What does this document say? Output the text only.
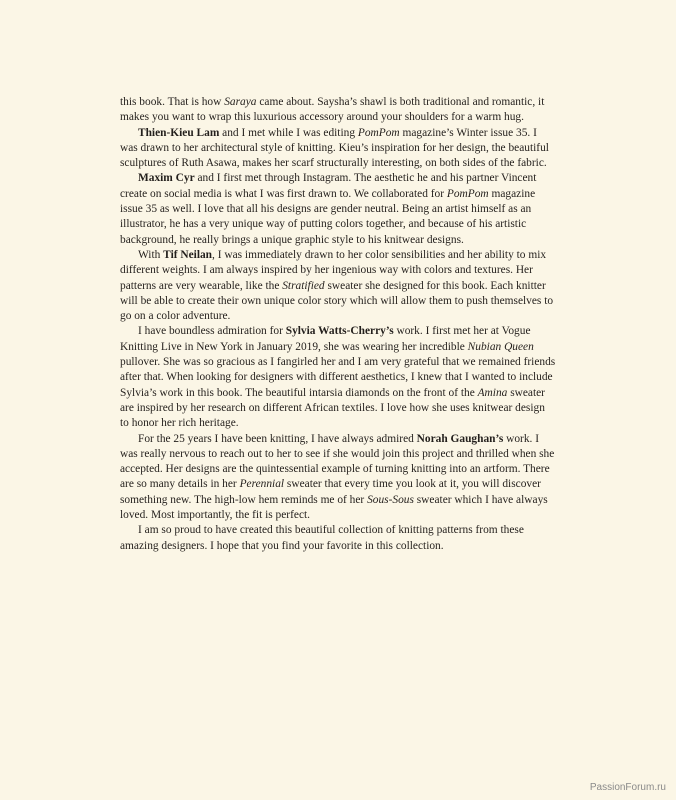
this book. That is how Saraya came about. Saysha’s shawl is both traditional and romantic, it makes you want to wrap this luxurious accessory around your shoulders for a warm hug.

Thien-Kieu Lam and I met while I was editing PomPom magazine’s Winter issue 35. I was drawn to her architectural style of knitting. Kieu’s inspiration for her design, the beautiful sculptures of Ruth Asawa, makes her scarf structurally interesting, on both sides of the fabric.

Maxim Cyr and I first met through Instagram. The aesthetic he and his partner Vincent create on social media is what I was first drawn to. We collaborated for PomPom magazine issue 35 as well. I love that all his designs are gender neutral. Being an artist himself as an illustrator, he has a very unique way of putting colors together, and because of his artistic background, he really brings a unique graphic style to his knitwear designs.

With Tif Neilan, I was immediately drawn to her color sensibilities and her ability to mix different weights. I am always inspired by her ingenious way with colors and textures. Her patterns are very wearable, like the Stratified sweater she designed for this book. Each knitter will be able to create their own unique color story which will allow them to push themselves to go on a color adventure.

I have boundless admiration for Sylvia Watts-Cherry’s work. I first met her at Vogue Knitting Live in New York in January 2019, she was wearing her incredible Nubian Queen pullover. She was so gracious as I fangirled her and I am very grateful that we remained friends after that. When looking for designers with different aesthetics, I knew that I wanted to include Sylvia’s work in this book. The beautiful intarsia diamonds on the front of the Amina sweater are inspired by her research on different African textiles. I love how she uses knitwear design to honor her rich heritage.

For the 25 years I have been knitting, I have always admired Norah Gaughan’s work. I was really nervous to reach out to her to see if she would join this project and thrilled when she accepted. Her designs are the quintessential example of turning knitting into an artform. There are so many details in her Perennial sweater that every time you look at it, you will discover something new. The high-low hem reminds me of her Sous-Sous sweater which I have always loved. Most importantly, the fit is perfect.

I am so proud to have created this beautiful collection of knitting patterns from these amazing designers. I hope that you find your favorite in this collection.

PassionForum.ru
